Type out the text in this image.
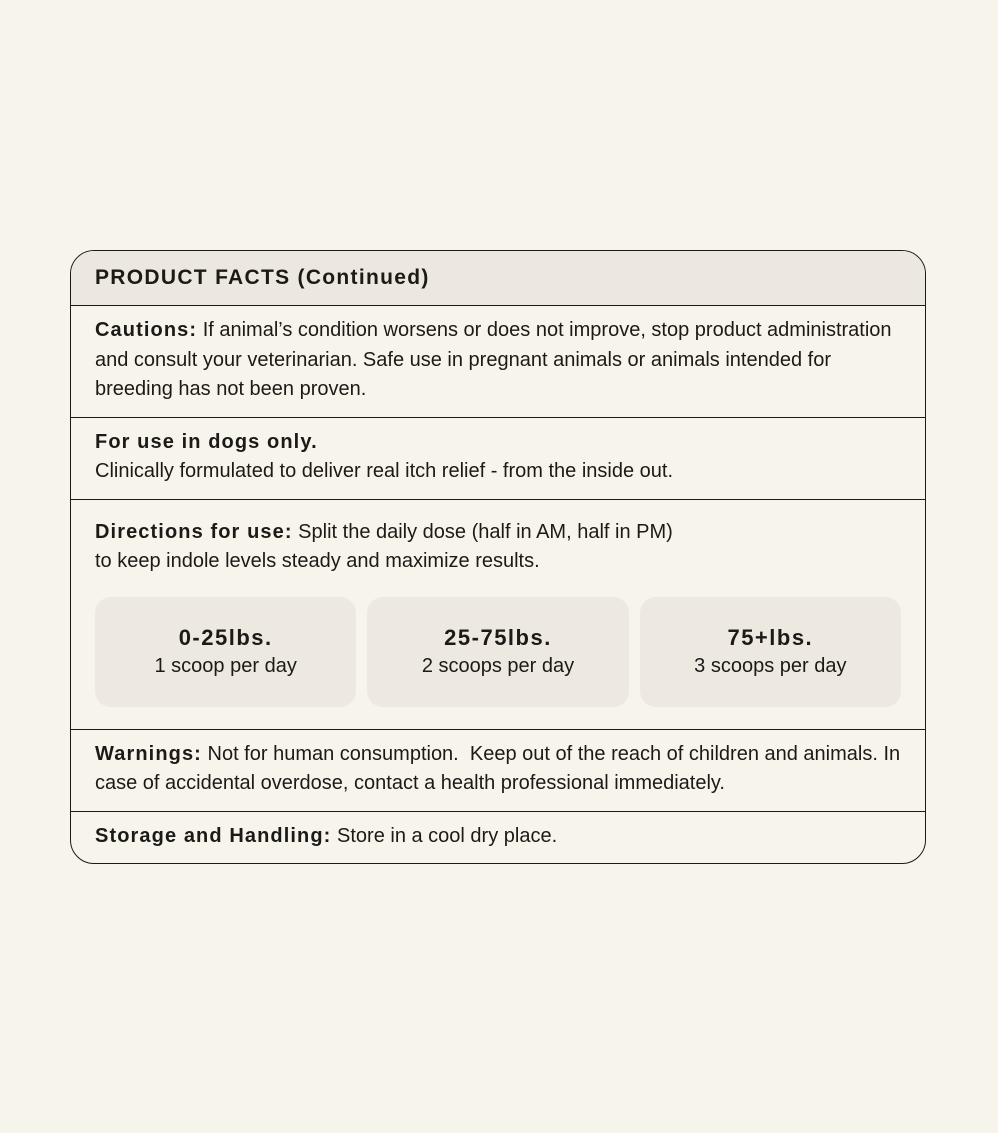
PRODUCT FACTS (Continued)
Cautions: If animal’s condition worsens or does not improve, stop product administration and consult your veterinarian. Safe use in pregnant animals or animals intended for breeding has not been proven.
For use in dogs only.
Clinically formulated to deliver real itch relief - from the inside out.
Directions for use: Split the daily dose (half in AM, half in PM)
to keep indole levels steady and maximize results.
0-25lbs.
1 scoop per day
25-75lbs.
2 scoops per day
75+lbs.
3 scoops per day
Warnings: Not for human consumption.  Keep out of the reach of children and animals. In case of accidental overdose, contact a health professional immediately.
Storage and Handling: Store in a cool dry place.
